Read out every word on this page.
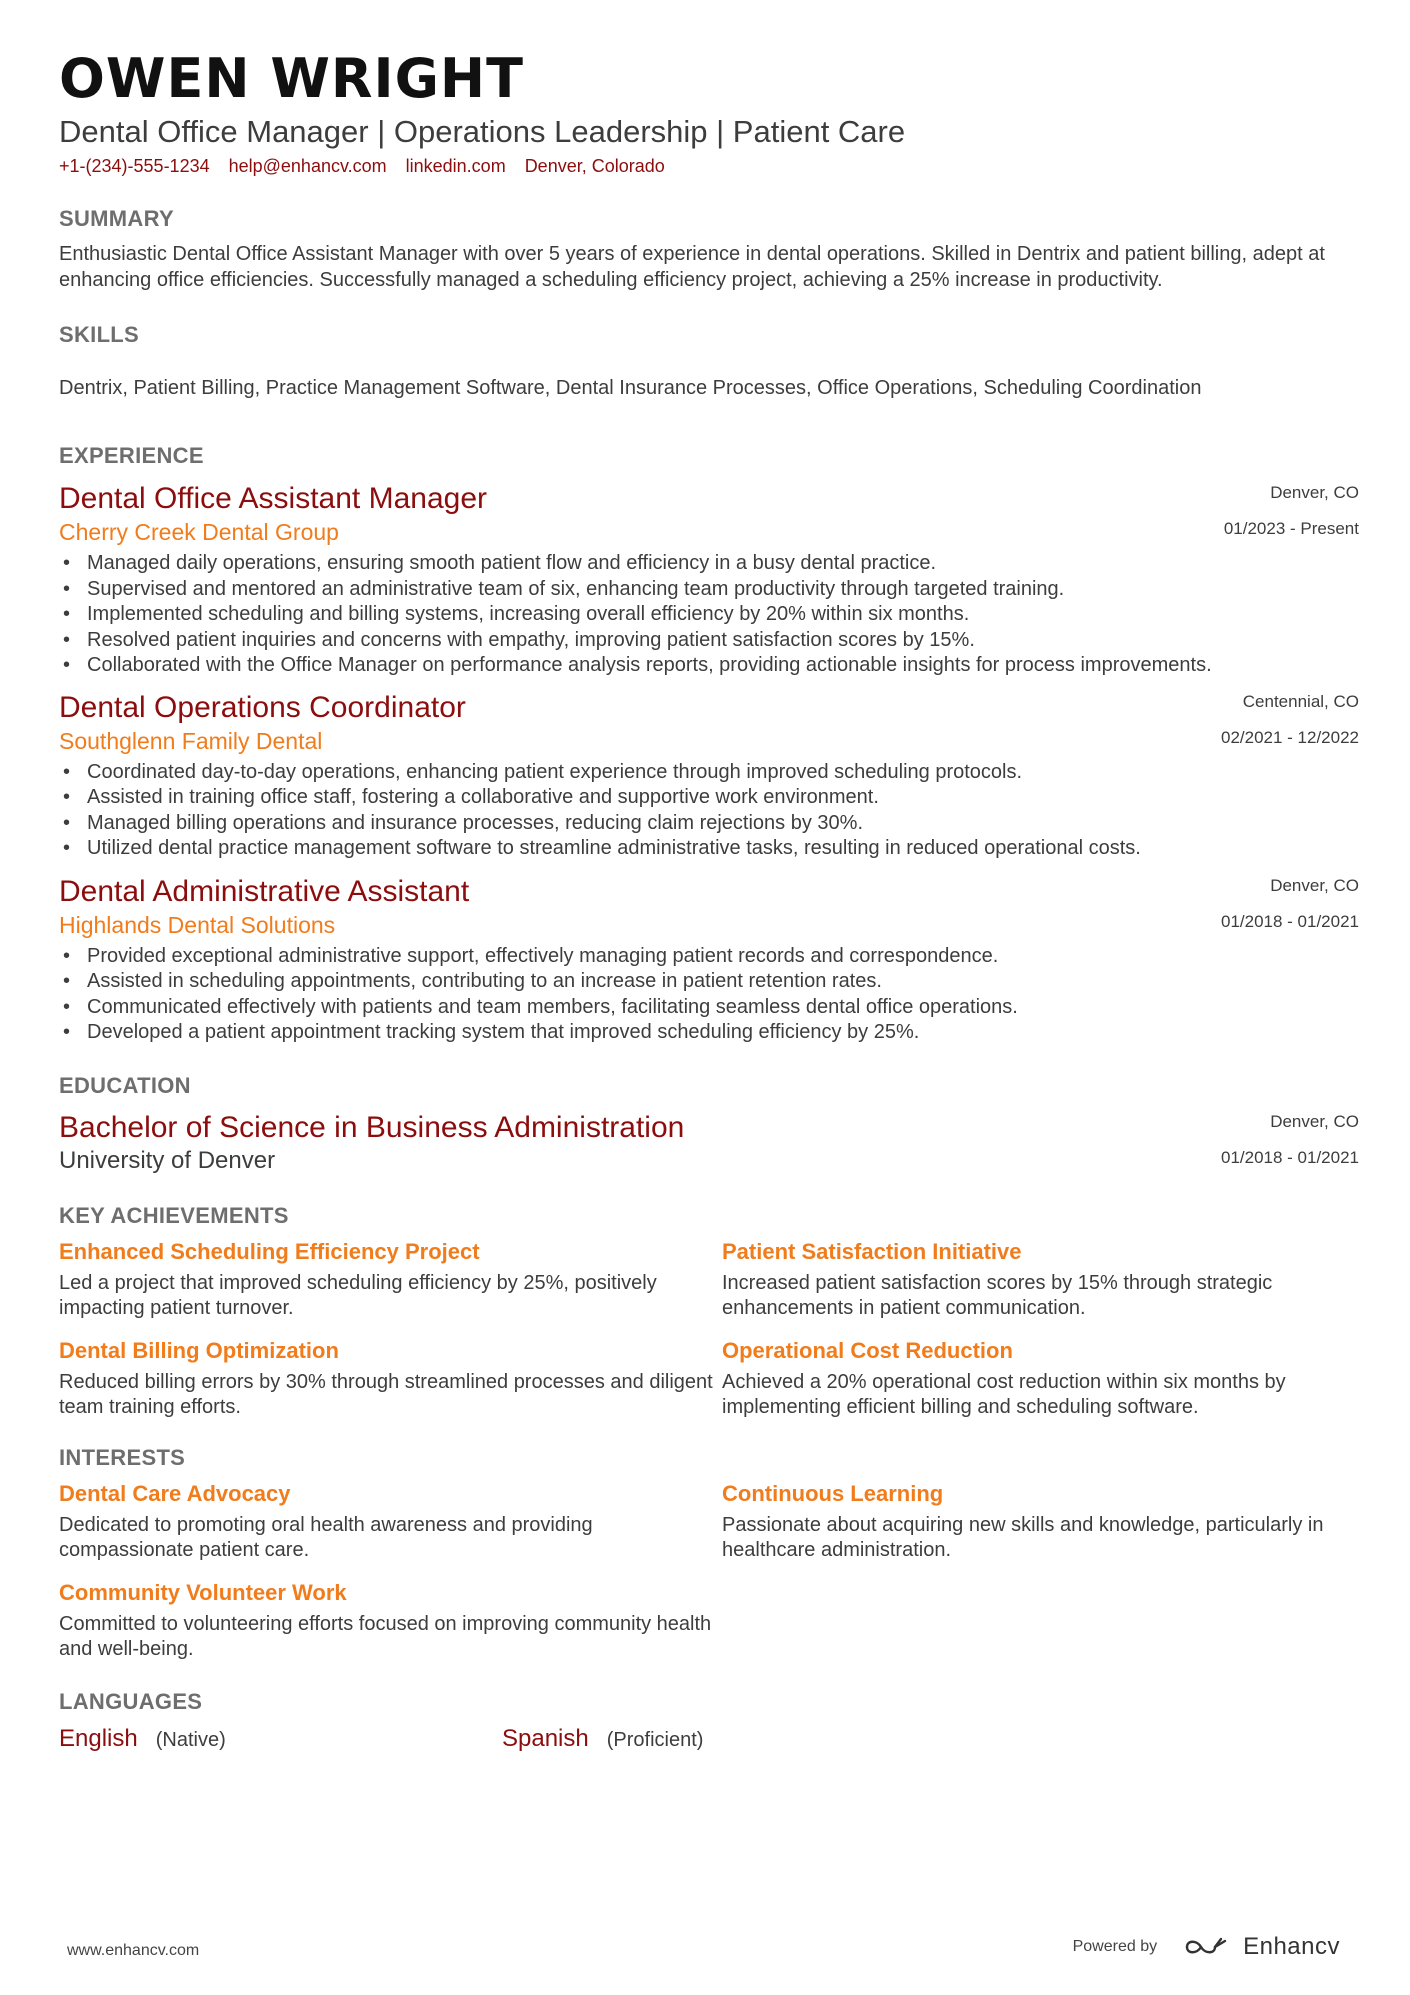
OWEN WRIGHT
Dental Office Manager | Operations Leadership | Patient Care
+1-(234)-555-1234 help@enhancv.com linkedin.com Denver, Colorado
SUMMARY

Enthusiastic Dental Office Assistant Manager with over 5 years of experience in dental operations. Skilled in Dentrix and patient billing, adept at enhancing office efficiencies. Successfully managed a scheduling efficiency project, achieving a 25% increase in productivity.

SKILLS

Dentrix, Patient Billing, Practice Management Software, Dental Insurance Processes, Office Operations, Scheduling Coordination

EXPERIENCE
Dental Office Assistant Manager
Cherry Creek Dental Group
Denver, CO
01/2023 - Present
• Managed daily operations, ensuring smooth patient flow and efficiency in a busy dental practice.
• Supervised and mentored an administrative team of six, enhancing team productivity through targeted training.
• Implemented scheduling and billing systems, increasing overall efficiency by 20% within six months.
• Resolved patient inquiries and concerns with empathy, improving patient satisfaction scores by 15%.
• Collaborated with the Office Manager on performance analysis reports, providing actionable insights for process improvements.
Dental Operations Coordinator
Southglenn Family Dental
Centennial, CO
02/2021 - 12/2022
• Coordinated day-to-day operations, enhancing patient experience through improved scheduling protocols.
• Assisted in training office staff, fostering a collaborative and supportive work environment.
• Managed billing operations and insurance processes, reducing claim rejections by 30%.
• Utilized dental practice management software to streamline administrative tasks, resulting in reduced operational costs.
Dental Administrative Assistant
Highlands Dental Solutions
Denver, CO
01/2018 - 01/2021
• Provided exceptional administrative support, effectively managing patient records and correspondence.
• Assisted in scheduling appointments, contributing to an increase in patient retention rates.
• Communicated effectively with patients and team members, facilitating seamless dental office operations.
• Developed a patient appointment tracking system that improved scheduling efficiency by 25%.
EDUCATION
Bachelor of Science in Business Administration
University of Denver
Denver, CO
01/2018 - 01/2021
KEY ACHIEVEMENTS
Enhanced Scheduling Efficiency Project
Led a project that improved scheduling efficiency by 25%, positively impacting patient turnover.
Patient Satisfaction Initiative
Increased patient satisfaction scores by 15% through strategic enhancements in patient communication.
Dental Billing Optimization
Reduced billing errors by 30% through streamlined processes and diligent team training efforts.
Operational Cost Reduction
Achieved a 20% operational cost reduction within six months by implementing efficient billing and scheduling software.
INTERESTS
Dental Care Advocacy
Dedicated to promoting oral health awareness and providing compassionate patient care.
Continuous Learning
Passionate about acquiring new skills and knowledge, particularly in healthcare administration.
Community Volunteer Work
Committed to volunteering efforts focused on improving community health and well-being.
LANGUAGES
English (Native)	Spanish (Proficient)
www.enhancv.com	Powered by	Enhancv
